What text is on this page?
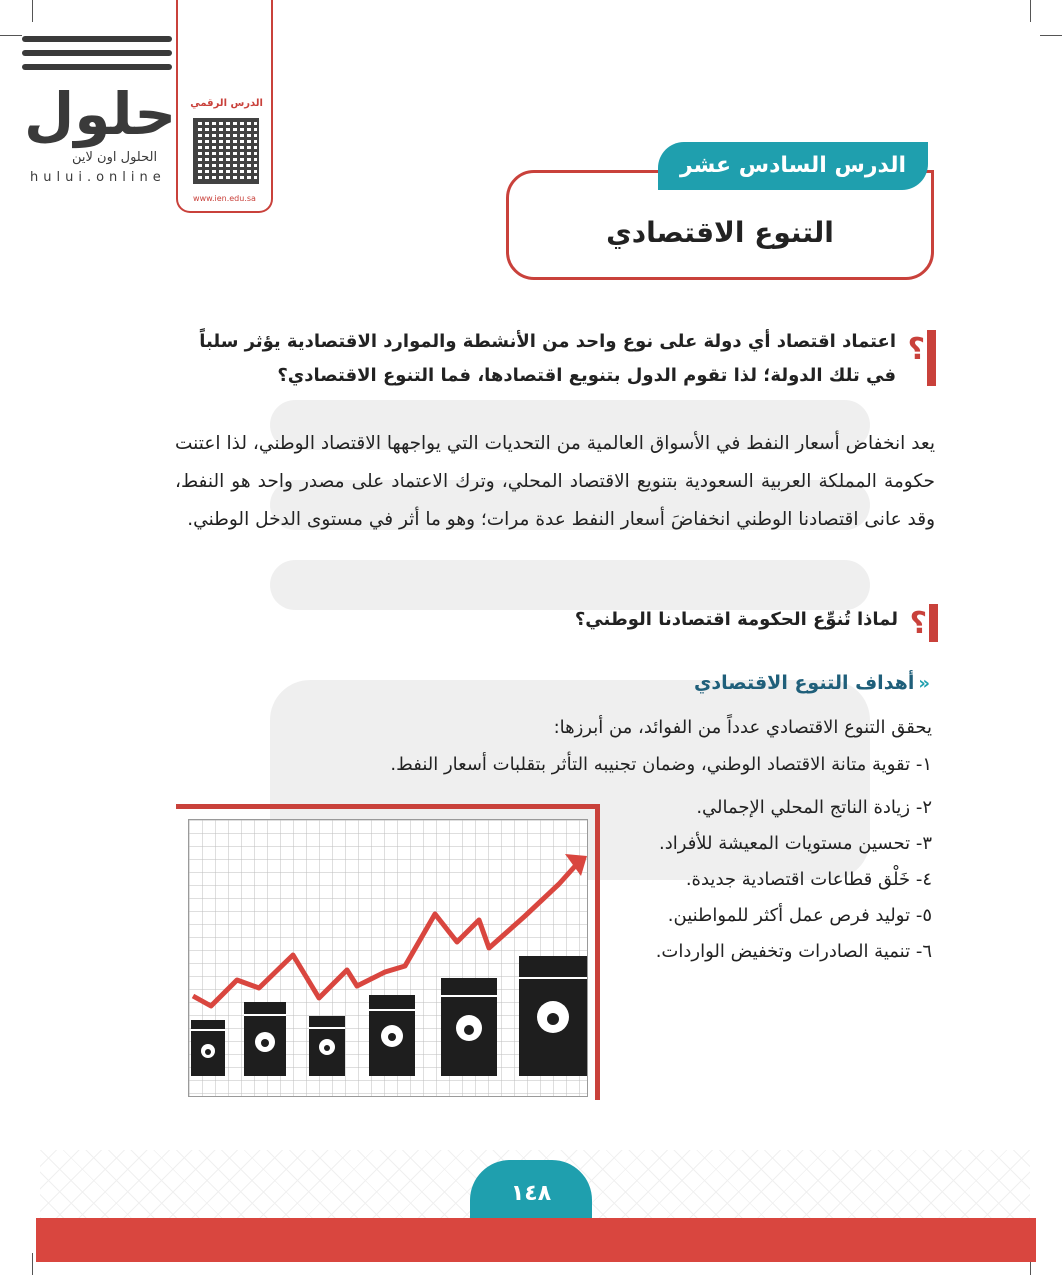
حلول
الحلول اون لاين
hului.online
الدرس الرقمي
www.ien.edu.sa
الدرس السادس عشر
التنوع الاقتصادي
؟
اعتماد اقتصاد أي دولة على نوع واحد من الأنشطة والموارد الاقتصادية يؤثر سلباً في تلك الدولة؛ لذا تقوم الدول بتنويع اقتصادها، فما التنوع الاقتصادي؟
يعد انخفاض أسعار النفط في الأسواق العالمية من التحديات التي يواجهها الاقتصاد الوطني، لذا اعتنت حكومة المملكة العربية السعودية بتنويع الاقتصاد المحلي، وترك الاعتماد على مصدر واحد هو النفط، وقد عانى اقتصادنا الوطني انخفاضَ أسعار النفط عدة مرات؛ وهو ما أثر في مستوى الدخل الوطني.
؟
لماذا تُنوِّع الحكومة اقتصادنا الوطني؟
«أهداف التنوع الاقتصادي
يحقق التنوع الاقتصادي عدداً من الفوائد، من أبرزها:
١- تقوية متانة الاقتصاد الوطني، وضمان تجنيبه التأثر بتقلبات أسعار النفط.
٢- زيادة الناتج المحلي الإجمالي.
٣- تحسين مستويات المعيشة للأفراد.
٤- خَلْق قطاعات اقتصادية جديدة.
٥- توليد فرص عمل أكثر للمواطنين.
٦- تنمية الصادرات وتخفيض الواردات.
١٤٨
